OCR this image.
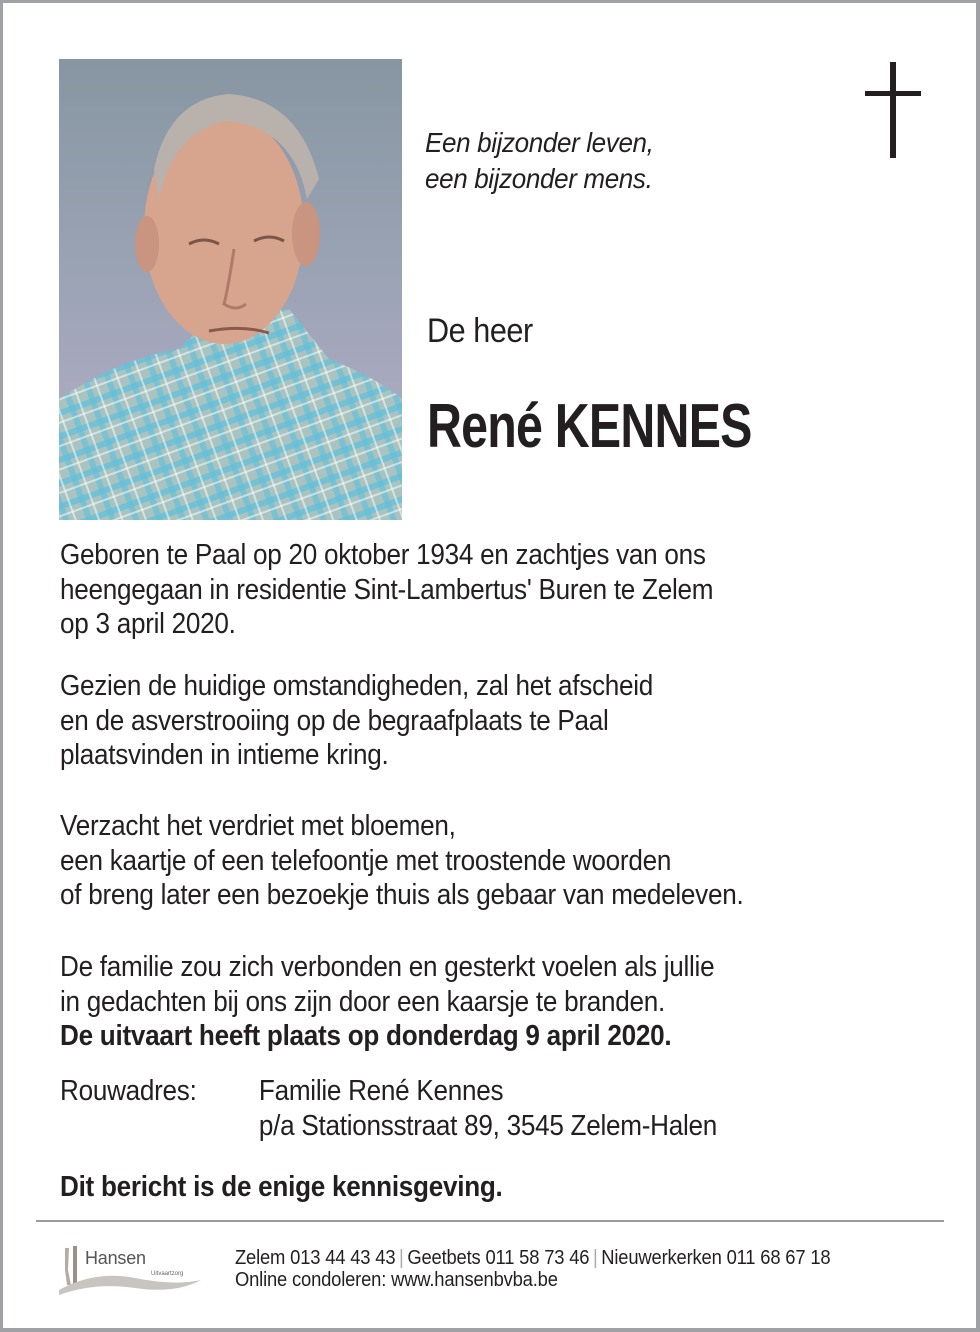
Een bijzonder leven,
een bijzonder mens.
De heer
René KENNES
Geboren te Paal op 20 oktober 1934 en zachtjes van ons
heengegaan in residentie Sint-Lambertus' Buren te Zelem
op 3 april 2020.
Gezien de huidige omstandigheden, zal het afscheid
en de asverstrooiing op de begraafplaats te Paal
plaatsvinden in intieme kring.
Verzacht het verdriet met bloemen,
een kaartje of een telefoontje met troostende woorden
of breng later een bezoekje thuis als gebaar van medeleven.
De familie zou zich verbonden en gesterkt voelen als jullie
in gedachten bij ons zijn door een kaarsje te branden.
De uitvaart heeft plaats op donderdag 9 april 2020.
Rouwadres:	Familie René Kennes
p/a Stationsstraat 89, 3545 Zelem-Halen
Dit bericht is de enige kennisgeving.
Hansen
Uitvaartzorg
Zelem 013 44 43 43 | Geetbets 011 58 73 46 | Nieuwerkerken 011 68 67 18
Online condoleren: www.hansenbvba.be
